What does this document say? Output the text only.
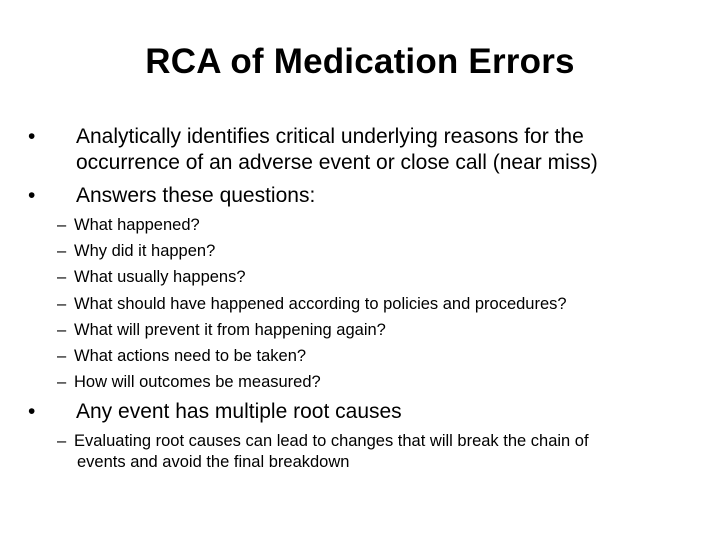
RCA of Medication Errors
•	Analytically identifies critical underlying reasons for the
occurrence of an adverse event or close call (near miss)
•	Answers these questions:
– What happened?
– Why did it happen?
– What usually happens?
– What should have happened according to policies and procedures?
– What will prevent it from happening again?
– What actions need to be taken?
– How will outcomes be measured?
•	Any event has multiple root causes
– Evaluating root causes can lead to changes that will break the chain of
events and avoid the final breakdown
